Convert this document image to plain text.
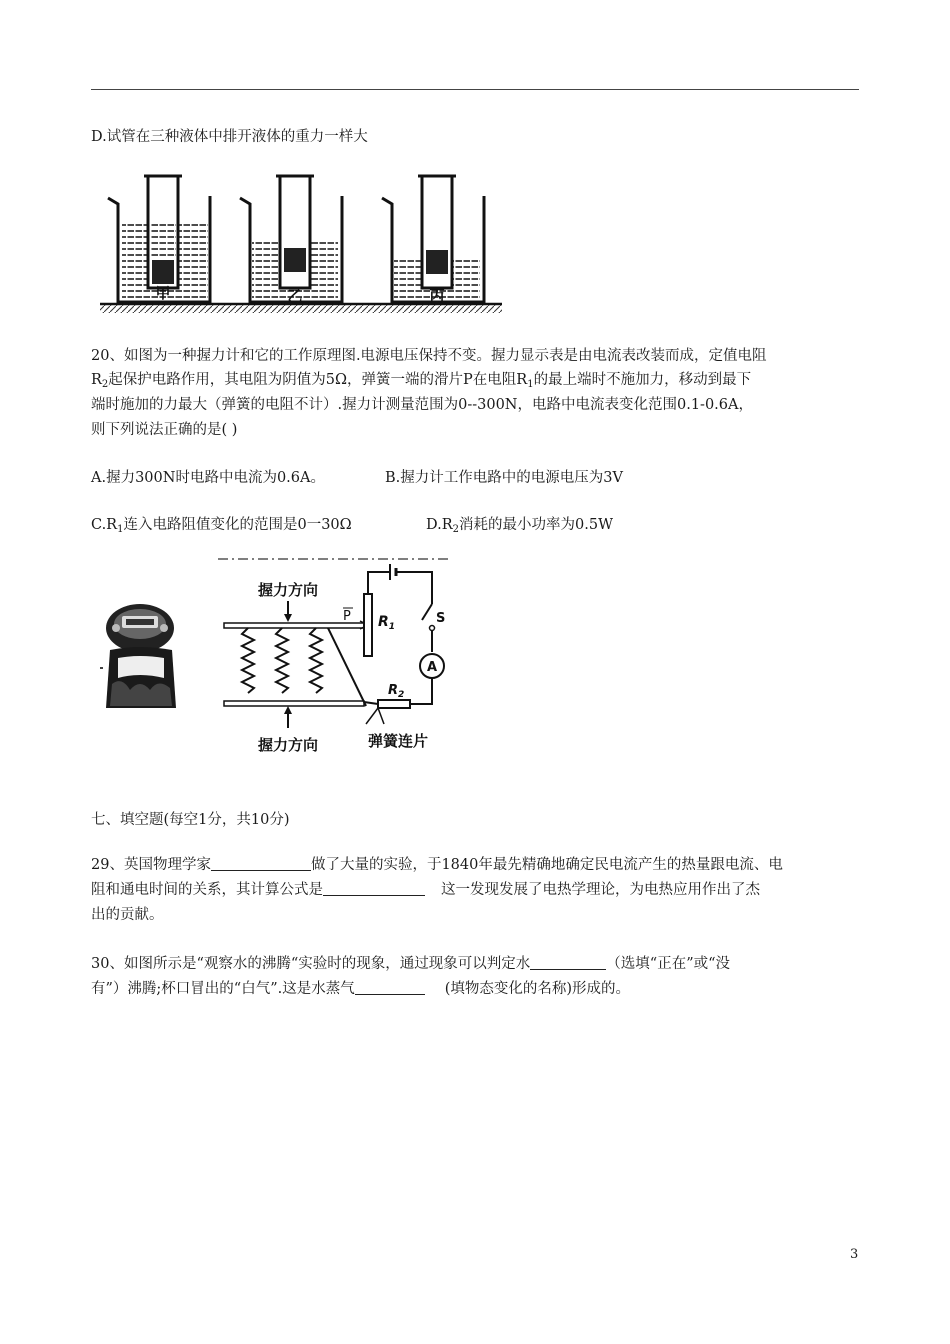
D.试管在三种液体中排开液体的重力一样大
甲	乙	丙
20、如图为一种握力计和它的工作原理图.电源电压保持不变。握力显示表是由电流表改装而成，定值电阻
$R_2$起保护电路作用，其电阻为阴值为5Ω，弹簧一端的滑片P在电阻$R_1$的最上端时不施加力，移动到最下
端时施加的力最大（弹簧的电阻不计）.握力计测量范围为0--300N，电路中电流表变化范围0.1-0.6A，
则下列说法正确的是( )
A.握力300N时电路中电流为0.6A。	B.握力计工作电路中的电源电压为3V
$C.R_1$连入电路阻值变化的范围是0一30Ω	$D.R_2$消耗的最小功率为0.5W
握力方向
握力方向	弹簧连片
P $R_1$
S
A
$R_2$
七、填空题(每空1分，共10分)
29、英国物理学家	做了大量的实验，于1840年最先精确地确定民电流产生的热量跟电流、电
阻和通电时间的关系，其计算公式是	这一发现发展了电热学理论，为电热应用作出了杰
出的贡献。
30、如图所示是“观察水的沸腾“实验时的现象，通过现象可以判定水	（选填“正在”或“没
有”）沸腾;杯口冒出的“白气”.这是水蒸气	(填物态变化的名称)形成的。
3
